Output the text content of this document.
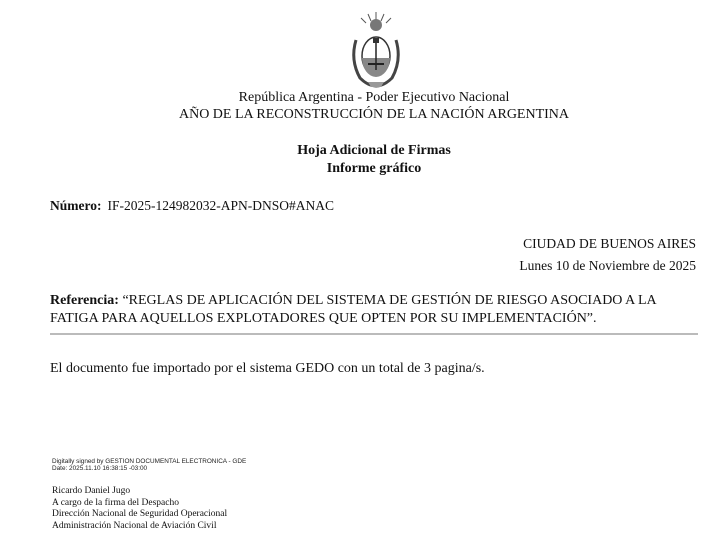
República Argentina - Poder Ejecutivo Nacional
AÑO DE LA RECONSTRUCCIÓN DE LA NACIÓN ARGENTINA
Hoja Adicional de Firmas
Informe gráfico
Número: IF-2025-124982032-APN-DNSO#ANAC
CIUDAD DE BUENOS AIRES
Lunes 10 de Noviembre de 2025
Referencia: “REGLAS DE APLICACIÓN DEL SISTEMA DE GESTIÓN DE RIESGO ASOCIADO A LA FATIGA PARA AQUELLOS EXPLOTADORES QUE OPTEN POR SU IMPLEMENTACIÓN”.
El documento fue importado por el sistema GEDO con un total de 3 pagina/s.
Digitally signed by GESTION DOCUMENTAL ELECTRONICA - GDE
Date: 2025.11.10 16:38:15 -03:00
Ricardo Daniel Jugo
A cargo de la firma del Despacho
Dirección Nacional de Seguridad Operacional
Administración Nacional de Aviación Civil
